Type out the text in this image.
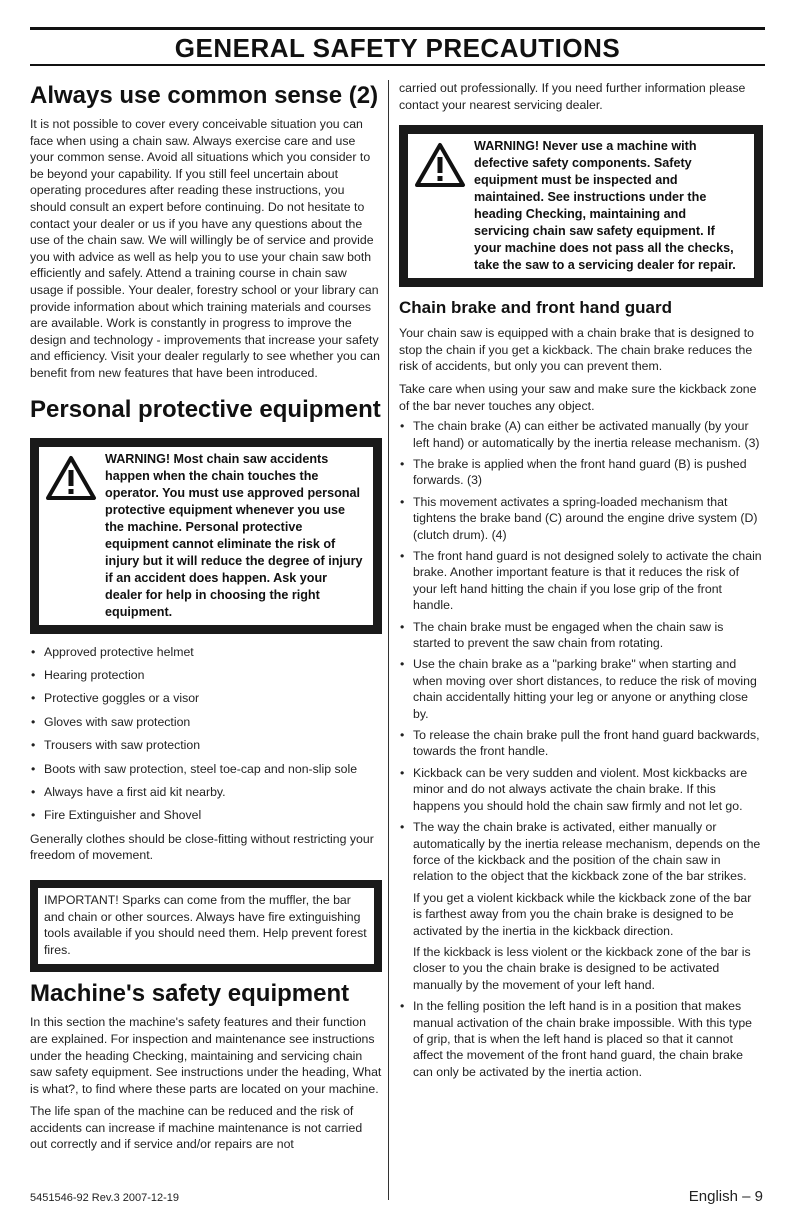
GENERAL SAFETY PRECAUTIONS
Always use common sense (2)

It is not possible to cover every conceivable situation you can face when using a chain saw. Always exercise care and use your common sense. Avoid all situations which you consider to be beyond your capability. If you still feel uncertain about operating procedures after reading these instructions, you should consult an expert before continuing. Do not hesitate to contact your dealer or us if you have any questions about the use of the chain saw. We will willingly be of service and provide you with advice as well as help you to use your chain saw both efficiently and safely. Attend a training course in chain saw usage if possible. Your dealer, forestry school or your library can provide information about which training materials and courses are available. Work is constantly in progress to improve the design and technology - improvements that increase your safety and efficiency. Visit your dealer regularly to see whether you can benefit from new features that have been introduced.

Personal protective equipment
WARNING! Most chain saw accidents happen when the chain touches the operator. You must use approved personal protective equipment whenever you use the machine. Personal protective equipment cannot eliminate the risk of injury but it will reduce the degree of injury if an accident does happen. Ask your dealer for help in choosing the right equipment.
• Approved protective helmet
• Hearing protection
• Protective goggles or a visor
• Gloves with saw protection
• Trousers with saw protection
• Boots with saw protection, steel toe-cap and non-slip sole
• Always have a first aid kit nearby.
• Fire Extinguisher and Shovel

Generally clothes should be close-fitting without restricting your freedom of movement.

IMPORTANT! Sparks can come from the muffler, the bar and chain or other sources. Always have fire extinguishing tools available if you should need them. Help prevent forest fires.
Machine's safety equipment

In this section the machine's safety features and their function are explained. For inspection and maintenance see instructions under the heading Checking, maintaining and servicing chain saw safety equipment. See instructions under the heading, What is what?, to find where these parts are located on your machine.

The life span of the machine can be reduced and the risk of accidents can increase if machine maintenance is not carried out correctly and if service and/or repairs are not

carried out professionally. If you need further information please contact your nearest servicing dealer.

WARNING! Never use a machine with defective safety components. Safety equipment must be inspected and maintained. See instructions under the heading Checking, maintaining and servicing chain saw safety equipment. If your machine does not pass all the checks, take the saw to a servicing dealer for repair.
Chain brake and front hand guard

Your chain saw is equipped with a chain brake that is designed to stop the chain if you get a kickback. The chain brake reduces the risk of accidents, but only you can prevent them.

Take care when using your saw and make sure the kickback zone of the bar never touches any object.

• The chain brake (A) can either be activated manually (by your left hand) or automatically by the inertia release mechanism. (3)
• The brake is applied when the front hand guard (B) is pushed forwards. (3)
• This movement activates a spring-loaded mechanism that tightens the brake band (C) around the engine drive system (D) (clutch drum). (4)
• The front hand guard is not designed solely to activate the chain brake. Another important feature is that it reduces the risk of your left hand hitting the chain if you lose grip of the front handle.
• The chain brake must be engaged when the chain saw is started to prevent the saw chain from rotating.
• Use the chain brake as a "parking brake" when starting and when moving over short distances, to reduce the risk of moving chain accidentally hitting your leg or anyone or anything close by.
• To release the chain brake pull the front hand guard backwards, towards the front handle.
• Kickback can be very sudden and violent. Most kickbacks are minor and do not always activate the chain brake. If this happens you should hold the chain saw firmly and not let go.
• The way the chain brake is activated, either manually or automatically by the inertia release mechanism, depends on the force of the kickback and the position of the chain saw in relation to the object that the kickback zone of the bar strikes.
If you get a violent kickback while the kickback zone of the bar is farthest away from you the chain brake is designed to be activated by the inertia in the kickback direction.
If the kickback is less violent or the kickback zone of the bar is closer to you the chain brake is designed to be activated manually by the movement of your left hand.
• In the felling position the left hand is in a position that makes manual activation of the chain brake impossible. With this type of grip, that is when the left hand is placed so that it cannot affect the movement of the front hand guard, the chain brake can only be activated by the inertia action.
5451546-92 Rev.3 2007-12-19	English – 9
